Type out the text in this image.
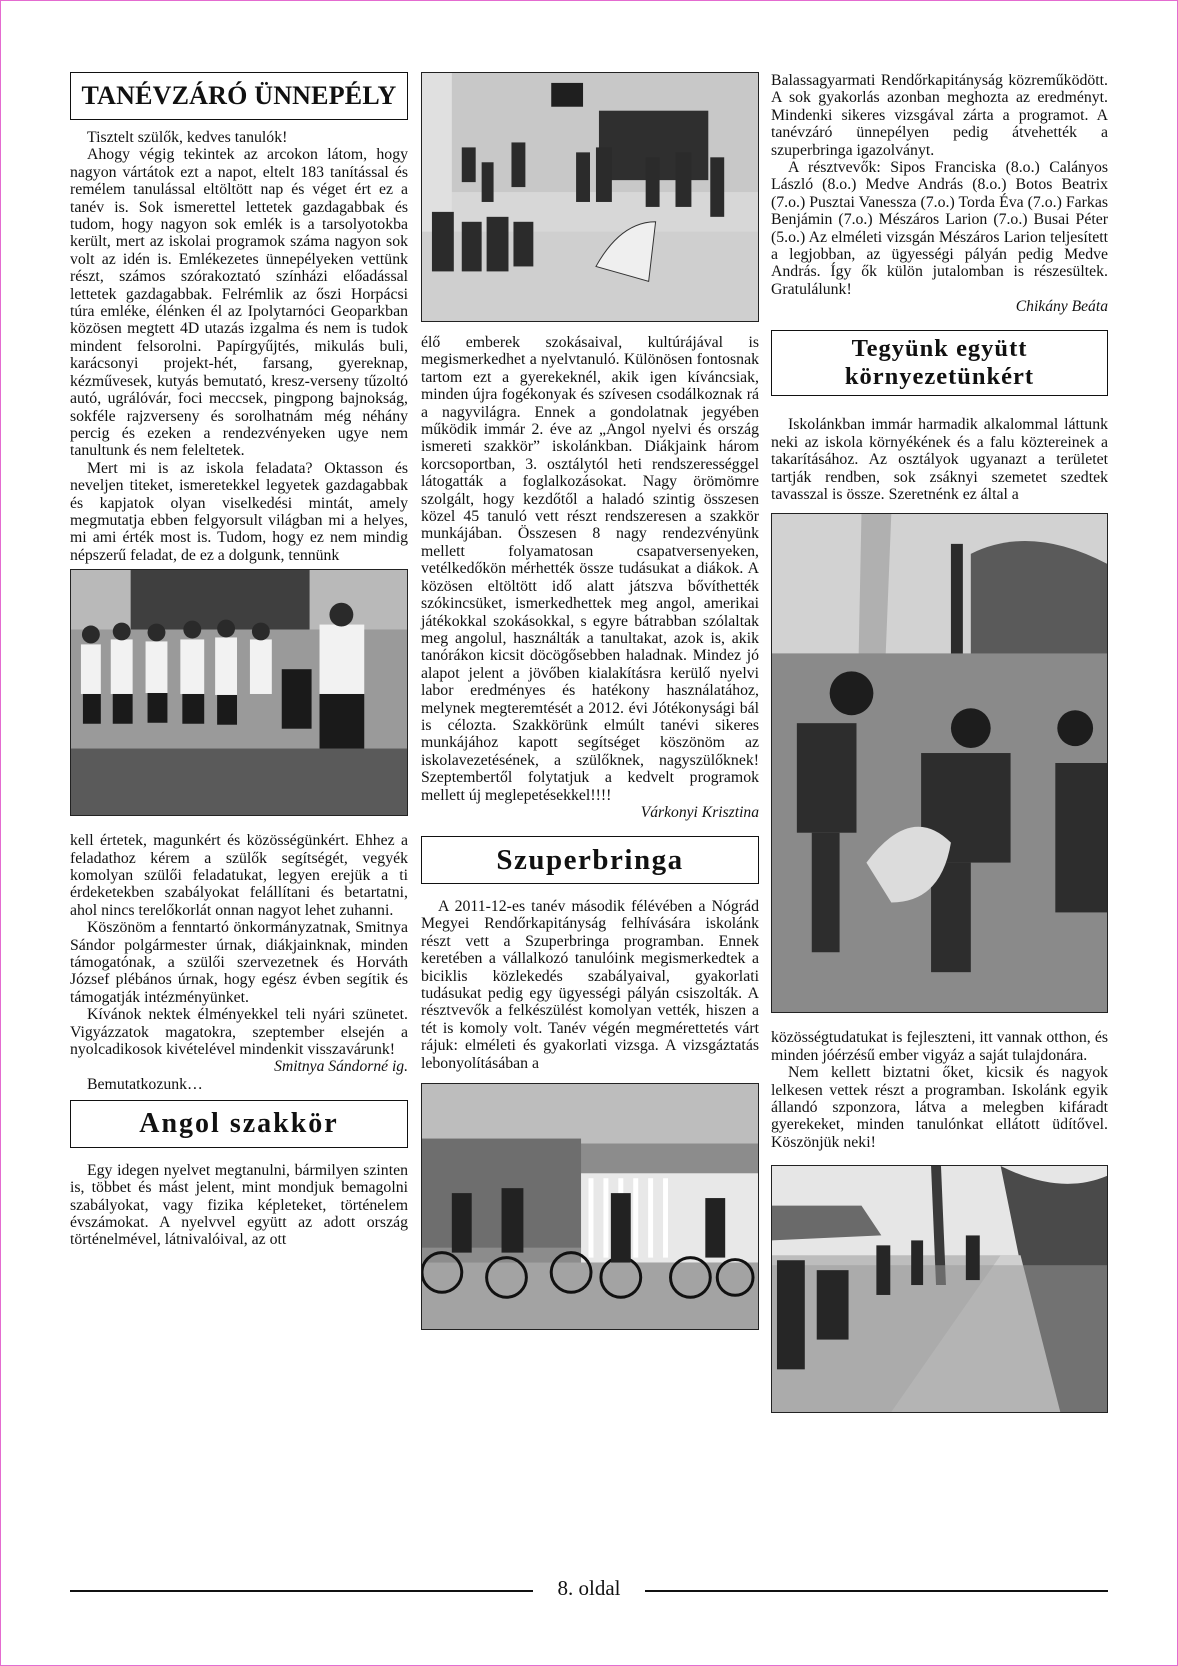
TANÉVZÁRÓ ÜNNEPÉLY

Tisztelt szülők, kedves tanulók!

Ahogy végig tekintek az arcokon látom, hogy nagyon vártátok ezt a napot, eltelt 183 tanítással és remélem tanulással eltöltött nap és véget ért ez a tanév is. Sok ismerettel lettetek gazdagabbak és tudom, hogy nagyon sok emlék is a tarsolyotokba került, mert az iskolai programok száma nagyon sok volt az idén is. Emlékezetes ünnepélyeken vettünk részt, számos szórakoztató színházi előadással lettetek gazdagabbak. Felrémlik az őszi Horpácsi túra emléke, élénken él az Ipolytarnóci Geoparkban közösen megtett 4D utazás izgalma és nem is tudok mindent felsorolni. Papírgyűjtés, mikulás buli, karácsonyi projekt-hét, farsang, gyereknap, kézművesek, kutyás bemutató, kresz-verseny tűzoltó autó, ugrálóvár, foci meccsek, pingpong bajnokság, sokféle rajzverseny és sorolhatnám még néhány percig és ezeken a rendezvényeken ugye nem tanultunk és nem feleltetek.

Mert mi is az iskola feladata? Oktasson és neveljen titeket, ismeretekkel legyetek gazdagabbak és kapjatok olyan viselkedési mintát, amely megmutatja ebben felgyorsult világban mi a helyes, mi ami érték most is. Tudom, hogy ez nem mindig népszerű feladat, de ez a dolgunk, tennünk

kell értetek, magunkért és közösségünkért. Ehhez a feladathoz kérem a szülők segítségét, vegyék komolyan szülői feladatukat, legyen erejük a ti érdeketekben szabályokat felállítani és betartatni, ahol nincs terelőkorlát onnan nagyot lehet zuhanni.

Köszönöm a fenntartó önkormányzatnak, Smitnya Sándor polgármester úrnak, diákjainknak, minden támogatónak, a szülői szervezetnek és Horváth József plébános úrnak, hogy egész évben segítik és támogatják intézményünket.

Kívánok nektek élményekkel teli nyári szünetet. Vigyázzatok magatokra, szeptember elsején a nyolcadikosok kivételével mindenkit visszavárunk!

Smitnya Sándorné ig.

Bemutatkozunk…

Angol szakkör

Egy idegen nyelvet megtanulni, bármilyen szinten is, többet és mást jelent, mint mondjuk bemagolni szabályokat, vagy fizika képleteket, történelem évszámokat. A nyelvvel együtt az adott ország történelmével, látnivalóival, az ott

élő emberek szokásaival, kultúrájával is megismerkedhet a nyelvtanuló. Különösen fontosnak tartom ezt a gyerekeknél, akik igen kíváncsiak, minden újra fogékonyak és szívesen csodálkoznak rá a nagyvilágra. Ennek a gondolatnak jegyében működik immár 2. éve az „Angol nyelvi és ország ismereti szakkör” iskolánkban. Diákjaink három korcsoportban, 3. osztálytól heti rendszerességgel látogatták a foglalkozásokat. Nagy örömömre szolgált, hogy kezdőtől a haladó szintig összesen közel 45 tanuló vett részt rendszeresen a szakkör munkájában. Összesen 8 nagy rendezvényünk mellett folyamatosan csapatversenyeken, vetélkedőkön mérhették össze tudásukat a diákok. A közösen eltöltött idő alatt játszva bővíthették szókincsüket, ismerkedhettek meg angol, amerikai játékokkal szokásokkal, s egyre bátrabban szólaltak meg angolul, használták a tanultakat, azok is, akik tanórákon kicsit döcögősebben haladnak. Mindez jó alapot jelent a jövőben kialakításra kerülő nyelvi labor eredményes és hatékony használatához, melynek megteremtését a 2012. évi Jótékonysági bál is célozta. Szakkörünk elmúlt tanévi sikeres munkájához kapott segítséget köszönöm az iskolavezetésének, a szülőknek, nagyszülőknek! Szeptembertől folytatjuk a kedvelt programok mellett új meglepetésekkel!!!!

Várkonyi Krisztina

Szuperbringa

A 2011-12-es tanév második félévében a Nógrád Megyei Rendőrkapitányság felhívására iskolánk részt vett a Szuperbringa programban. Ennek keretében a vállalkozó tanulóink megismerkedtek a biciklis közlekedés szabályaival, gyakorlati tudásukat pedig egy ügyességi pályán csiszolták. A résztvevők a felkészülést komolyan vették, hiszen a tét is komoly volt. Tanév végén megmérettetés várt rájuk: elméleti és gyakorlati vizsga. A vizsgáztatás lebonyolításában a

Balassagyarmati Rendőrkapitányság közreműködött. A sok gyakorlás azonban meghozta az eredményt. Mindenki sikeres vizsgával zárta a programot. A tanévzáró ünnepélyen pedig átvehették a szuperbringa igazolványt.

A résztvevők: Sipos Franciska (8.o.) Calányos László (8.o.) Medve András (8.o.) Botos Beatrix (7.o.) Pusztai Vanessza (7.o.) Torda Éva (7.o.) Farkas Benjámin (7.o.) Mészáros Larion (7.o.) Busai Péter (5.o.) Az elméleti vizsgán Mészáros Larion teljesített a legjobban, az ügyességi pályán pedig Medve András. Így ők külön jutalomban is részesültek. Gratulálunk!

Chikány Beáta

Tegyünk együtt
környezetünkért

Iskolánkban immár harmadik alkalommal láttunk neki az iskola környékének és a falu köztereinek a takarításához. Az osztályok ugyanazt a területet tartják rendben, sok zsáknyi szemetet szedtek tavasszal is össze. Szeretnénk ez által a

közösségtudatukat is fejleszteni, itt vannak otthon, és minden jóérzésű ember vigyáz a saját tulajdonára.

Nem kellett biztatni őket, kicsik és nagyok lelkesen vettek részt a programban. Iskolánk egyik állandó szponzora, látva a melegben kifáradt gyerekeket, minden tanulónkat ellátott üdítővel. Köszönjük neki!

8. oldal
